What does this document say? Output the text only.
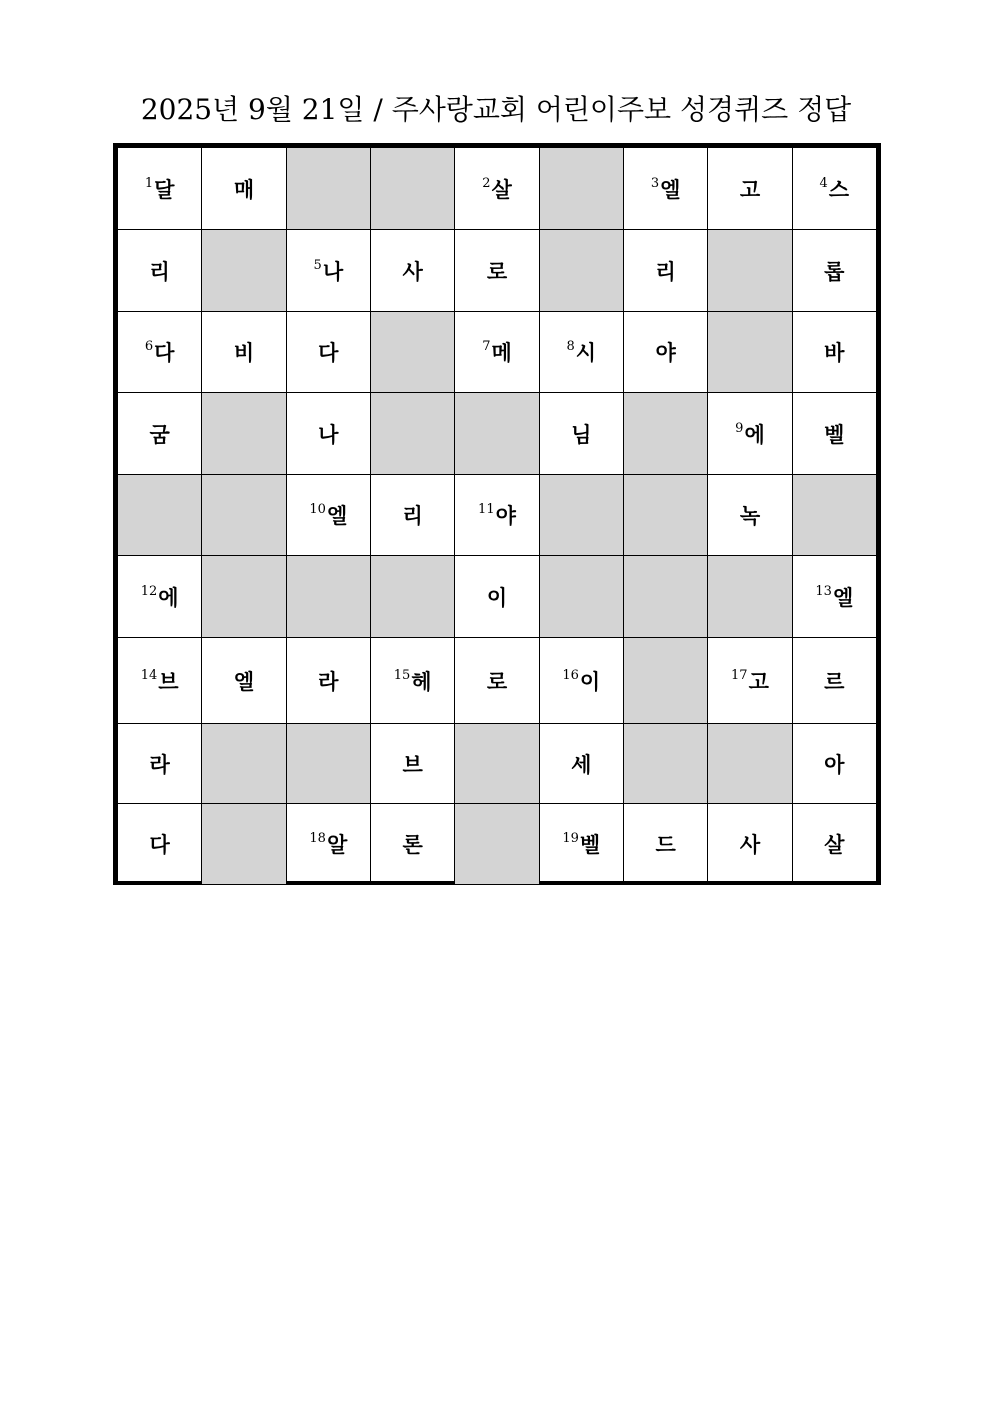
2025년 9월 21일 / 주사랑교회 어린이주보 성경퀴즈 정답
$^1$달	매			$^2$살		$^3$엘	고	$^4$스
리		$^5$나	사	로		리		롭
$^6$다	비	다		$^7$메	$^8$시	야		바
굼		나			님		$^9$에	벨
		$^{10}$엘	리	$^{11}$야			녹	
$^{12}$에				이				$^{13}$엘
$^{14}$브	엘	라	$^{15}$헤	로	$^{16}$이		$^{17}$고	르
라			브		세			아
다		$^{18}$알	론		$^{19}$벨	드	사	살
